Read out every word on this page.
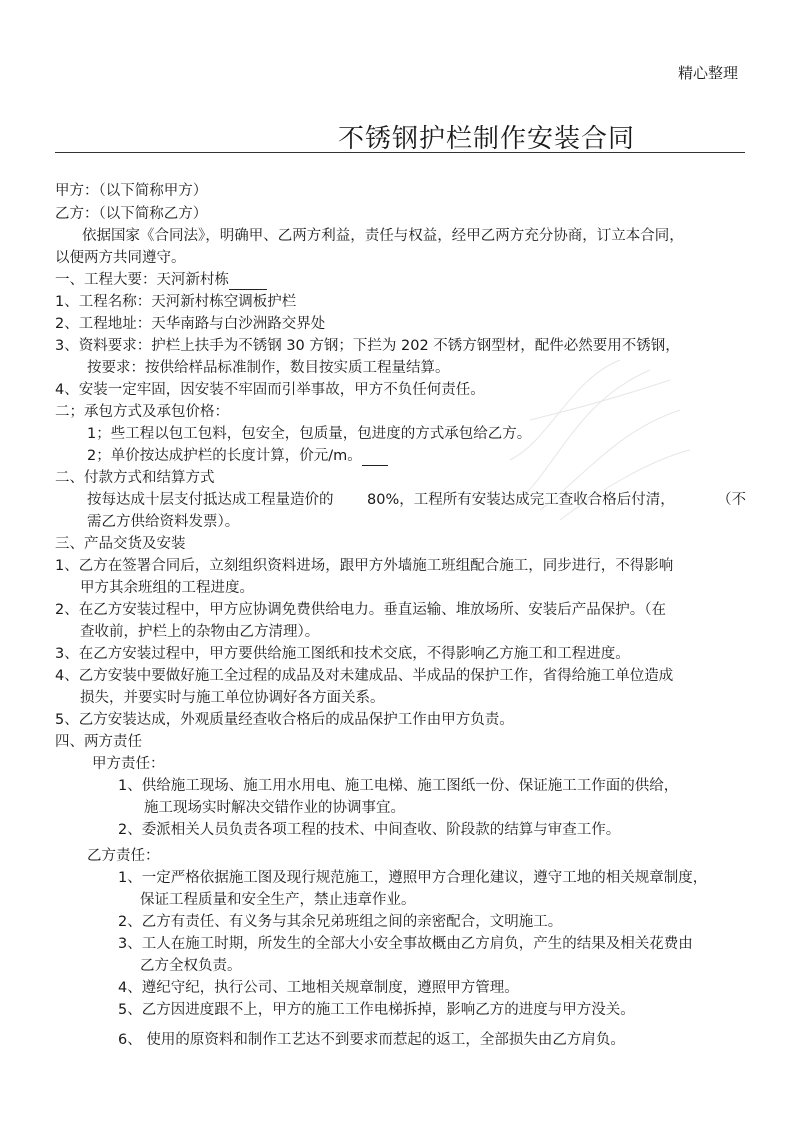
精心整理
不锈钢护栏制作安装合同
甲方：（以下简称甲方）
乙方：（以下简称乙方）
依据国家《合同法》，明确甲、乙两方利益，责任与权益，经甲乙两方充分协商，订立本合同，
以便两方共同遵守。
一、工程大要：天河新村栋
1、工程名称：天河新村栋空调板护栏
2、工程地址：天华南路与白沙洲路交界处
3、资料要求：护栏上扶手为不锈钢 30 方钢；下拦为 202 不锈方钢型材，配件必然要用不锈钢，
按要求：按供给样品标准制作，数目按实质工程量结算。
4、安装一定牢固，因安装不牢固而引举事故，甲方不负任何责任。
二；承包方式及承包价格：
1；些工程以包工包料，包安全，包质量，包进度的方式承包给乙方。
2；单价按达成护栏的长度计算，价元/m。
二、付款方式和结算方式
按每达成十层支付抵达成工程量造价的 80%，工程所有安装达成完工查收合格后付清，	（不
需乙方供给资料发票）。
三、产品交货及安装
1、乙方在签署合同后，立刻组织资料进场，跟甲方外墙施工班组配合施工，同步进行，不得影响
甲方其余班组的工程进度。
2、在乙方安装过程中，甲方应协调免费供给电力。垂直运输、堆放场所、安装后产品保护。（在
查收前，护栏上的杂物由乙方清理）。
3、在乙方安装过程中，甲方要供给施工图纸和技术交底，不得影响乙方施工和工程进度。
4、乙方安装中要做好施工全过程的成品及对未建成品、半成品的保护工作，省得给施工单位造成
损失，并要实时与施工单位协调好各方面关系。
5、乙方安装达成，外观质量经查收合格后的成品保护工作由甲方负责。
四、两方责任
甲方责任：
1、供给施工现场、施工用水用电、施工电梯、施工图纸一份、保证施工工作面的供给，
施工现场实时解决交错作业的协调事宜。
2、委派相关人员负责各项工程的技术、中间查收、阶段款的结算与审查工作。
乙方责任：
1、一定严格依据施工图及现行规范施工，遵照甲方合理化建议，遵守工地的相关规章制度，
保证工程质量和安全生产，禁止违章作业。
2、乙方有责任、有义务与其余兄弟班组之间的亲密配合，文明施工。
3、工人在施工时期，所发生的全部大小安全事故概由乙方肩负，产生的结果及相关花费由
乙方全权负责。
4、遵纪守纪，执行公司、工地相关规章制度，遵照甲方管理。
5、乙方因进度跟不上，甲方的施工工作电梯拆掉，影响乙方的进度与甲方没关。
6、 使用的原资料和制作工艺达不到要求而惹起的返工，全部损失由乙方肩负。
